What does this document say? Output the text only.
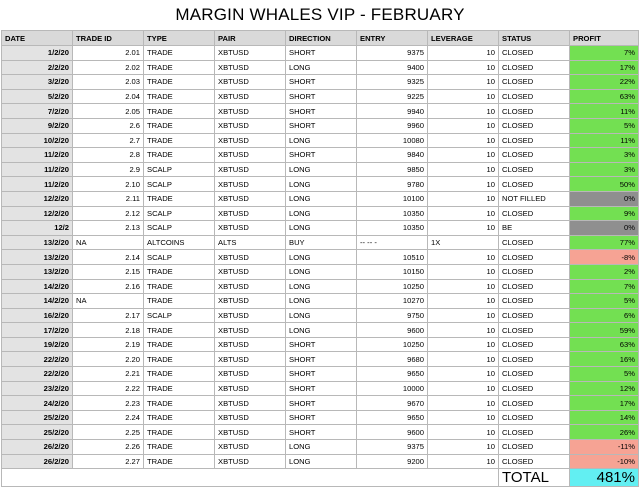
MARGIN WHALES VIP - FEBRUARY
DATE	TRADE ID	TYPE	PAIR	DIRECTION	ENTRY	LEVERAGE	STATUS	PROFIT
1/2/20	2.01	TRADE	XBTUSD	SHORT	9375	10	CLOSED	7%
2/2/20	2.02	TRADE	XBTUSD	LONG	9400	10	CLOSED	17%
3/2/20	2.03	TRADE	XBTUSD	SHORT	9325	10	CLOSED	22%
5/2/20	2.04	TRADE	XBTUSD	SHORT	9225	10	CLOSED	63%
7/2/20	2.05	TRADE	XBTUSD	SHORT	9940	10	CLOSED	11%
9/2/20	2.6	TRADE	XBTUSD	SHORT	9960	10	CLOSED	5%
10/2/20	2.7	TRADE	XBTUSD	LONG	10080	10	CLOSED	11%
11/2/20	2.8	TRADE	XBTUSD	SHORT	9840	10	CLOSED	3%
11/2/20	2.9	SCALP	XBTUSD	LONG	9850	10	CLOSED	3%
11/2/20	2.10	SCALP	XBTUSD	LONG	9780	10	CLOSED	50%
12/2/20	2.11	TRADE	XBTUSD	LONG	10100	10	NOT FILLED	0%
12/2/20	2.12	SCALP	XBTUSD	LONG	10350	10	CLOSED	9%
12/2	2.13	SCALP	XBTUSD	LONG	10350	10	BE	0%
13/2/20	NA	ALTCOINS	ALTS	BUY	-- -- -	1X	CLOSED	77%
13/2/20	2.14	SCALP	XBTUSD	LONG	10510	10	CLOSED	-8%
13/2/20	2.15	TRADE	XBTUSD	LONG	10150	10	CLOSED	2%
14/2/20	2.16	TRADE	XBTUSD	LONG	10250	10	CLOSED	7%
14/2/20	NA	TRADE	XBTUSD	LONG	10270	10	CLOSED	5%
16/2/20	2.17	SCALP	XBTUSD	LONG	9750	10	CLOSED	6%
17/2/20	2.18	TRADE	XBTUSD	LONG	9600	10	CLOSED	59%
19/2/20	2.19	TRADE	XBTUSD	SHORT	10250	10	CLOSED	63%
22/2/20	2.20	TRADE	XBTUSD	SHORT	9680	10	CLOSED	16%
22/2/20	2.21	TRADE	XBTUSD	SHORT	9650	10	CLOSED	5%
23/2/20	2.22	TRADE	XBTUSD	SHORT	10000	10	CLOSED	12%
24/2/20	2.23	TRADE	XBTUSD	SHORT	9670	10	CLOSED	17%
25/2/20	2.24	TRADE	XBTUSD	SHORT	9650	10	CLOSED	14%
25/2/20	2.25	TRADE	XBTUSD	SHORT	9600	10	CLOSED	26%
26/2/20	2.26	TRADE	XBTUSD	LONG	9375	10	CLOSED	-11%
26/2/20	2.27	TRADE	XBTUSD	LONG	9200	10	CLOSED	-10%
							TOTAL	481%
